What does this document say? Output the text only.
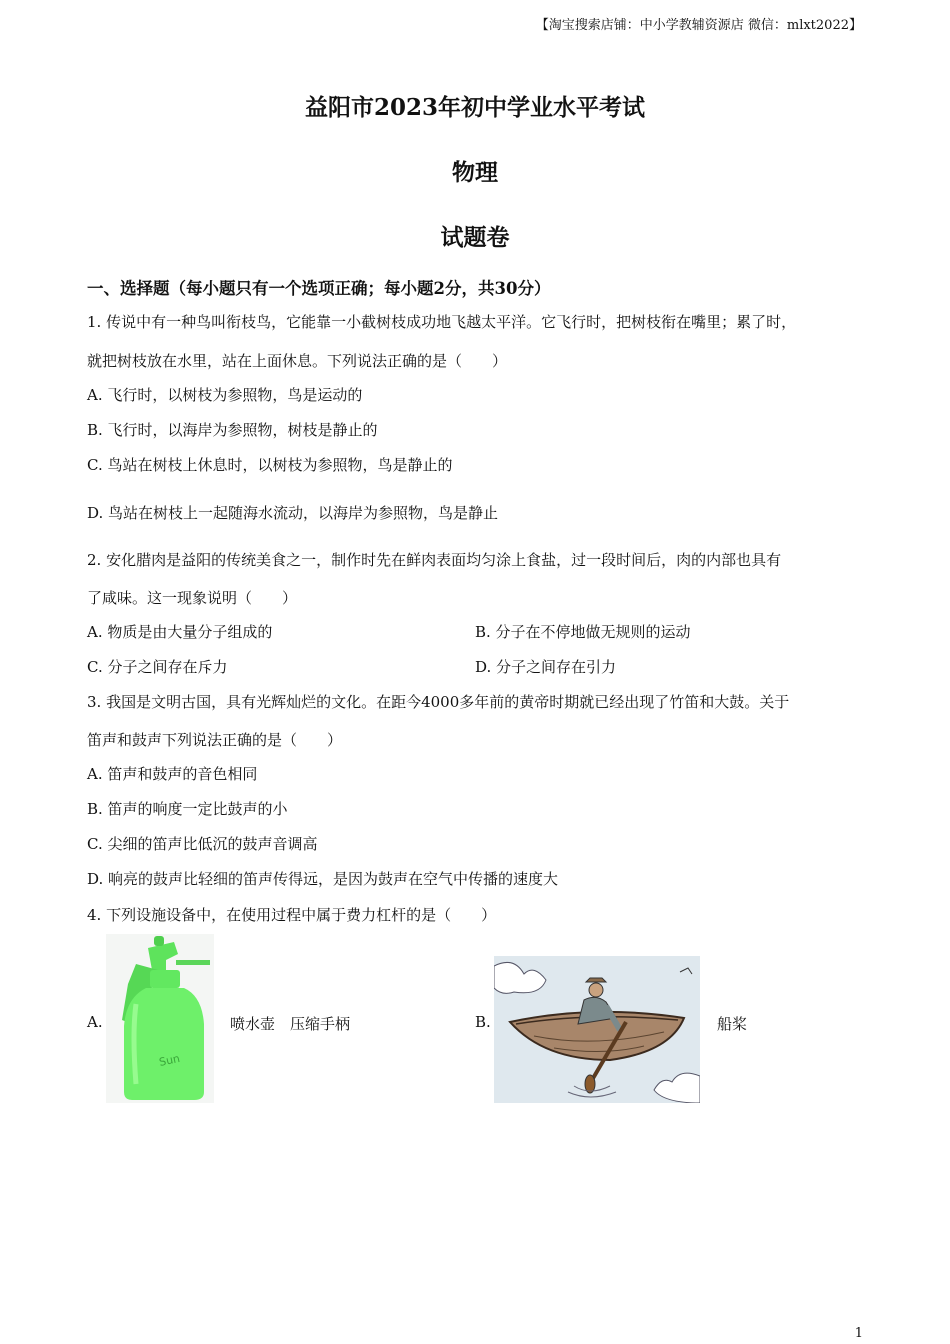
【淘宝搜索店铺：中小学教辅资源店 微信：mlxt2022】
益阳市2023年初中学业水平考试
物理
试题卷
一、选择题（每小题只有一个选项正确；每小题2分，共30分）
1. 传说中有一种鸟叫衔枝鸟，它能靠一小截树枝成功地飞越太平洋。它飞行时，把树枝衔在嘴里；累了时，
就把树枝放在水里，站在上面休息。下列说法正确的是（　　）
A. 飞行时，以树枝为参照物，鸟是运动的
B. 飞行时，以海岸为参照物，树枝是静止的
C. 鸟站在树枝上休息时，以树枝为参照物，鸟是静止的
D. 鸟站在树枝上一起随海水流动，以海岸为参照物，鸟是静止
2. 安化腊肉是益阳的传统美食之一，制作时先在鲜肉表面均匀涂上食盐，过一段时间后，肉的内部也具有
了咸味。这一现象说明（　　）
A. 物质是由大量分子组成的	B. 分子在不停地做无规则的运动
C. 分子之间存在斥力	D. 分子之间存在引力
3. 我国是文明古国，具有光辉灿烂的文化。在距今4000多年前的黄帝时期就已经出现了竹笛和大鼓。关于
笛声和鼓声下列说法正确的是（　　）
A. 笛声和鼓声的音色相同
B. 笛声的响度一定比鼓声的小
C. 尖细的笛声比低沉的鼓声音调高
D. 响亮的鼓声比轻细的笛声传得远，是因为鼓声在空气中传播的速度大
4. 下列设施设备中，在使用过程中属于费力杠杆的是（　　）
A.
Sun
喷水壶　压缩手柄	B.	船桨
1
